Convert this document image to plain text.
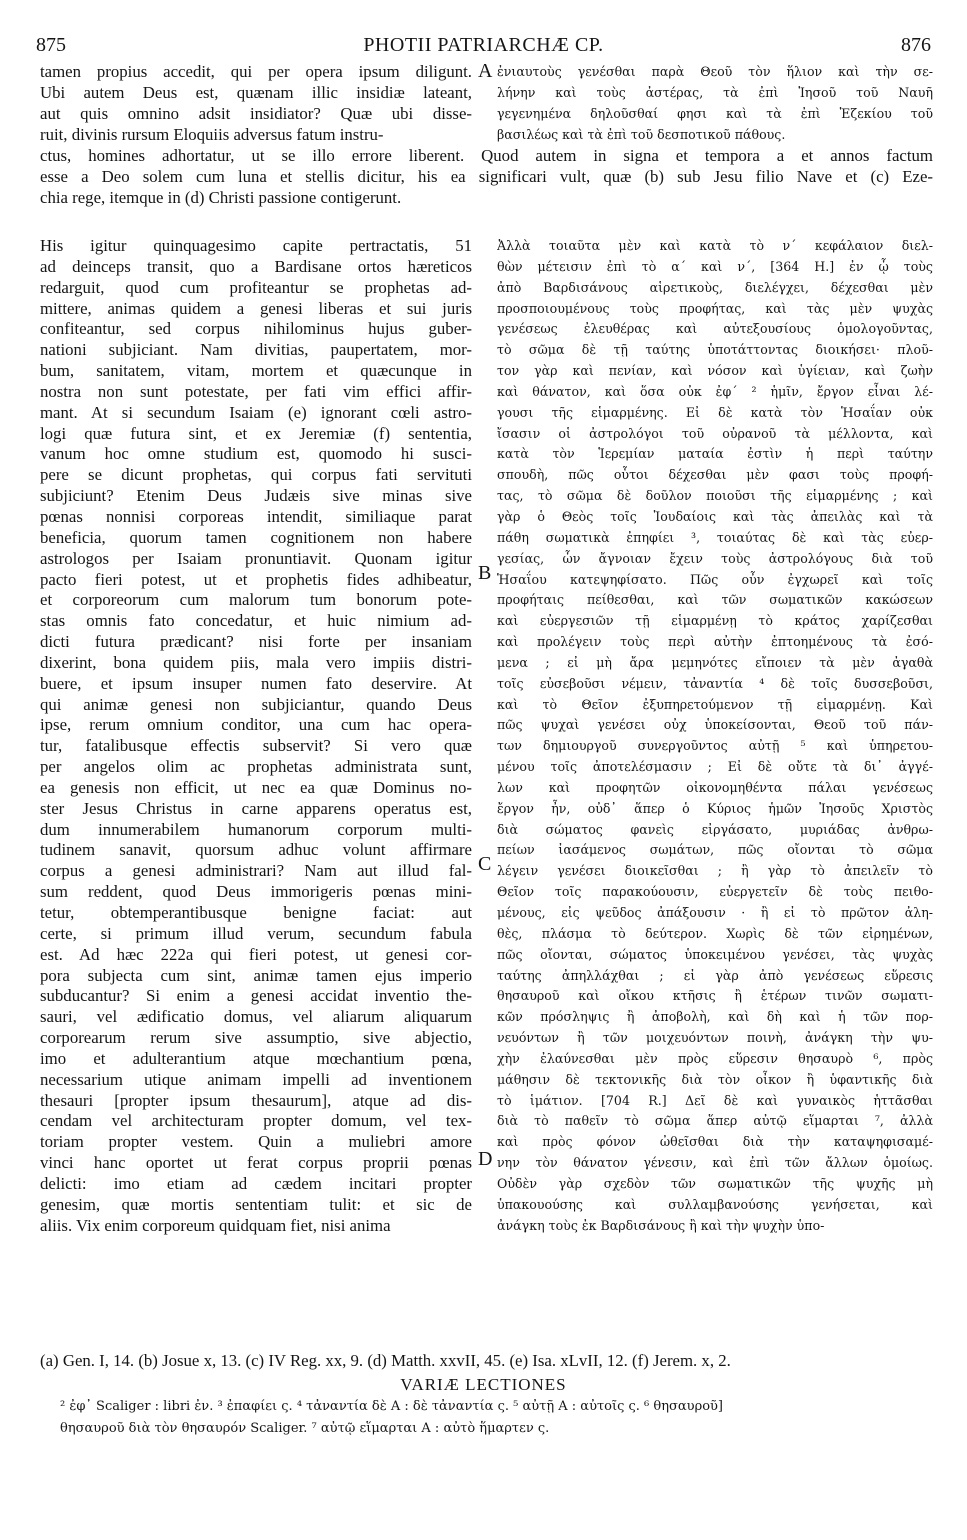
875	PHOTII PATRIARCHÆ CP.	876
A
B
C
D
tamen propius accedit, qui per opera ipsum diligunt.
Ubi autem Deus est, quænam illic insidiæ lateant,
aut quis omnino adsit insidiator? Quæ ubi disse-
ruit, divinis rursum Eloquiis adversus fatum instru-
ἐνιαυτοὺς γενέσθαι παρὰ Θεοῦ τὸν ἥλιον καὶ τὴν σε-
λήνην καὶ τοὺς ἀστέρας, τὰ ἐπὶ Ἰησοῦ τοῦ Ναυῆ
γεγενημένα δηλοῦσθαί φησι καὶ τὰ ἐπὶ Ἐζεκίου τοῦ
βασιλέως καὶ τὰ ἐπὶ τοῦ δεσποτικοῦ πάθους.
ctus, homines adhortatur, ut se illo errore liberent. Quod autem in signa et tempora a et annos factum
esse a Deo solem cum luna et stellis dicitur, his ea significari vult, quæ (b) sub Jesu filio Nave et (c) Eze-
chia rege, itemque in (d) Christi passione contigerunt.
His igitur quinquagesimo capite pertractatis, 51
ad deinceps transit, quo a Bardisane ortos hæreticos
redarguit, quod cum profiteantur se prophetas ad-
mittere, animas quidem a genesi liberas et sui juris
confiteantur, sed corpus nihilominus hujus guber-
nationi subjiciant. Nam divitias, paupertatem, mor-
bum, sanitatem, vitam, mortem et quæcunque in
nostra non sunt potestate, per fati vim effici affir-
mant. At si secundum Isaiam (e) ignorant cœli astro-
logi quæ futura sint, et ex Jeremiæ (f) sententia,
vanum hoc omne studium est, quomodo hi susci-
pere se dicunt prophetas, qui corpus fati servituti
subjiciunt? Etenim Deus Judæis sive minas sive
pœnas nonnisi corporeas intendit, similiaque parat
beneficia, quorum tamen cognitionem non habere
astrologos per Isaiam pronuntiavit. Quonam igitur
pacto fieri potest, ut et prophetis fides adhibeatur,
et corporeorum cum malorum tum bonorum pote-
stas omnis fato concedatur, et huic nimium ad-
dicti futura prædicant? nisi forte per insaniam
dixerint, bona quidem piis, mala vero impiis distri-
buere, et ipsum insuper numen fato deservire. At
qui animæ genesi non subjiciantur, quando Deus
ipse, rerum omnium conditor, una cum hac opera-
tur, fatalibusque effectis subservit? Si vero quæ
per angelos olim ac prophetas administrata sunt,
ea genesis non efficit, ut nec ea quæ Dominus no-
ster Jesus Christus in carne apparens operatus est,
dum innumerabilem humanorum corporum multi-
tudinem sanavit, quorsum adhuc volunt affirmare
corpus a genesi administrari? Nam aut illud fal-
sum reddent, quod Deus immorigeris pœnas mini-
tetur, obtemperantibusque benigne faciat: aut
certe, si primum illud verum, secundum fabula
est. Ad hæc 222a qui fieri potest, ut genesi cor-
pora subjecta cum sint, animæ tamen ejus imperio
subducantur? Si enim a genesi accidat inventio the-
sauri, vel ædificatio domus, vel aliarum aliquarum
corporearum rerum sive assumptio, sive abjectio,
imo et adulterantium atque mœchantium pœna,
necessarium utique animam impelli ad inventionem
thesauri [propter ipsum thesaurum], atque ad dis-
cendam vel architecturam propter domum, vel tex-
toriam propter vestem. Quin a muliebri amore
vinci hanc oportet ut ferat corpus proprii pœnas
delicti: imo etiam ad cædem incitari propter
genesim, quæ mortis sententiam tulit: et sic de
aliis. Vix enim corporeum quidquam fiet, nisi anima
Ἀλλὰ τοιαῦτα μὲν καὶ κατὰ τὸ ν´ κεφάλαιον διελ-
θὼν μέτεισιν ἐπὶ τὸ α´ καὶ ν´, [364 H.] ἐν ᾧ τοὺς
ἀπὸ Βαρδισάνους αἱρετικοὺς, διελέγχει, δέχεσθαι μὲν
προσποιουμένους τοὺς προφήτας, καὶ τὰς μὲν ψυχὰς
γενέσεως ἐλευθέρας καὶ αὐτεξουσίους ὁμολογοῦντας,
τὸ σῶμα δὲ τῇ ταύτης ὑποτάττοντας διοικήσει· πλοῦ-
τον γὰρ καὶ πενίαν, καὶ νόσον καὶ ὑγίειαν, καὶ ζωὴν
καὶ θάνατον, καὶ ὅσα οὐκ ἐφ´ ² ἡμῖν, ἔργον εἶναι λέ-
γουσι τῆς εἱμαρμένης. Εἰ δὲ κατὰ τὸν Ἡσαΐαν οὐκ
ἴσασιν οἱ ἀστρολόγοι τοῦ οὐρανοῦ τὰ μέλλοντα, καὶ
κατὰ τὸν Ἱερεμίαν ματαία ἐστὶν ἡ περὶ ταύτην
σπουδὴ, πῶς οὗτοι δέχεσθαι μὲν φασι τοὺς προφή-
τας, τὸ σῶμα δὲ δοῦλον ποιοῦσι τῆς εἱμαρμένης ; καὶ
γὰρ ὁ Θεὸς τοῖς Ἰουδαίοις καὶ τὰς ἀπειλὰς καὶ τὰ
πάθη σωματικὰ ἐπηφίει ³, τοιαύτας δὲ καὶ τὰς εὐερ-
γεσίας, ὧν ἄγνοιαν ἔχειν τοὺς ἀστρολόγους διὰ τοῦ
Ἡσαΐου κατεψηφίσατο. Πῶς οὖν ἐγχωρεῖ καὶ τοῖς
προφήταις πείθεσθαι, καὶ τῶν σωματικῶν κακώσεων
καὶ εὐεργεσιῶν τῇ εἱμαρμένῃ τὸ κράτος χαρίζεσθαι
καὶ προλέγειν τοὺς περὶ αὐτὴν ἐπτοημένους τὰ ἐσό-
μενα ; εἰ μὴ ἄρα μεμηνότες εἴποιεν τὰ μὲν ἀγαθὰ
τοῖς εὐσεβοῦσι νέμειν, τἀναντία ⁴ δὲ τοῖς δυσσεβοῦσι,
καὶ τὸ Θεῖον ἐξυπηρετούμενον τῇ εἱμαρμένῃ. Καὶ
πῶς ψυχαὶ γενέσει οὐχ ὑποκείσονται, Θεοῦ τοῦ πάν-
των δημιουργοῦ συνεργοῦντος αὐτῇ ⁵ καὶ ὑπηρετου-
μένου τοῖς ἀποτελέσμασιν ; Εἰ δὲ οὔτε τὰ δι᾽ ἀγγέ-
λων καὶ προφητῶν οἰκονομηθέντα πάλαι γενέσεως
ἔργον ἦν, οὐδ᾽ ἅπερ ὁ Κύριος ἡμῶν Ἰησοῦς Χριστὸς
διὰ σώματος φανεὶς εἰργάσατο, μυριάδας ἀνθρω-
πείων ἰασάμενος σωμάτων, πῶς οἴονται τὸ σῶμα
λέγειν γενέσει διοικεῖσθαι ; ἢ γὰρ τὸ ἀπειλεῖν τὸ
Θεῖον τοῖς παρακούουσιν, εὐεργετεῖν δὲ τοὺς πειθο-
μένους, εἰς ψεῦδος ἀπάξουσιν · ἢ εἰ τὸ πρῶτον ἀλη-
θὲς, πλάσμα τὸ δεύτερον. Χωρὶς δὲ τῶν εἰρημένων,
πῶς οἴονται, σώματος ὑποκειμένου γενέσει, τὰς ψυχὰς
ταύτης ἀπηλλάχθαι ; εἰ γὰρ ἀπὸ γενέσεως εὕρεσις
θησαυροῦ καὶ οἴκου κτῆσις ἢ ἑτέρων τινῶν σωματι-
κῶν πρόσληψις ἢ ἀποβολὴ, καὶ δὴ καὶ ἡ τῶν πορ-
νευόντων ἢ τῶν μοιχευόντων ποινὴ, ἀνάγκη τὴν ψυ-
χὴν ἐλαύνεσθαι μὲν πρὸς εὕρεσιν θησαυρὸ ⁶, πρὸς
μάθησιν δὲ τεκτονικῆς διὰ τὸν οἶκον ἢ ὑφαντικῆς διὰ
τὸ ἱμάτιον. [704 R.] Δεῖ δὲ καὶ γυναικὸς ἡττᾶσθαι
διὰ τὸ παθεῖν τὸ σῶμα ἅπερ αὐτῷ εἵμαρται ⁷, ἀλλὰ
καὶ πρὸς φόνον ὠθεῖσθαι διὰ τὴν καταψηφισαμέ-
νην τὸν θάνατον γένεσιν, καὶ ἐπὶ τῶν ἄλλων ὁμοίως.
Οὐδὲν γὰρ σχεδὸν τῶν σωματικῶν τῆς ψυχῆς μὴ
ὑπακουούσης καὶ συλλαμβανούσης γενήσεται, καὶ
ἀνάγκη τοὺς ἐκ Βαρδισάνους ἢ καὶ τὴν ψυχὴν ὑπο-
(a) Gen. I, 14. (b) Josue x, 13. (c) IV Reg. xx, 9. (d) Matth. xxvII, 45. (e) Isa. xLvII, 12. (f) Jerem. x, 2.
VARIÆ LECTIONES
² ἐφ᾽ Scaliger : libri ἐν. ³ ἐπαφίει ς. ⁴ τἀναντία δὲ A : δὲ τἀναντία ς. ⁵ αὐτῇ A : αὐτοῖς ς. ⁶ θησαυροῦ]
θησαυροῦ διὰ τὸν θησαυρόν Scaliger. ⁷ αὐτῷ εἵμαρται A : αὐτὸ ἥμαρτεν ς.
